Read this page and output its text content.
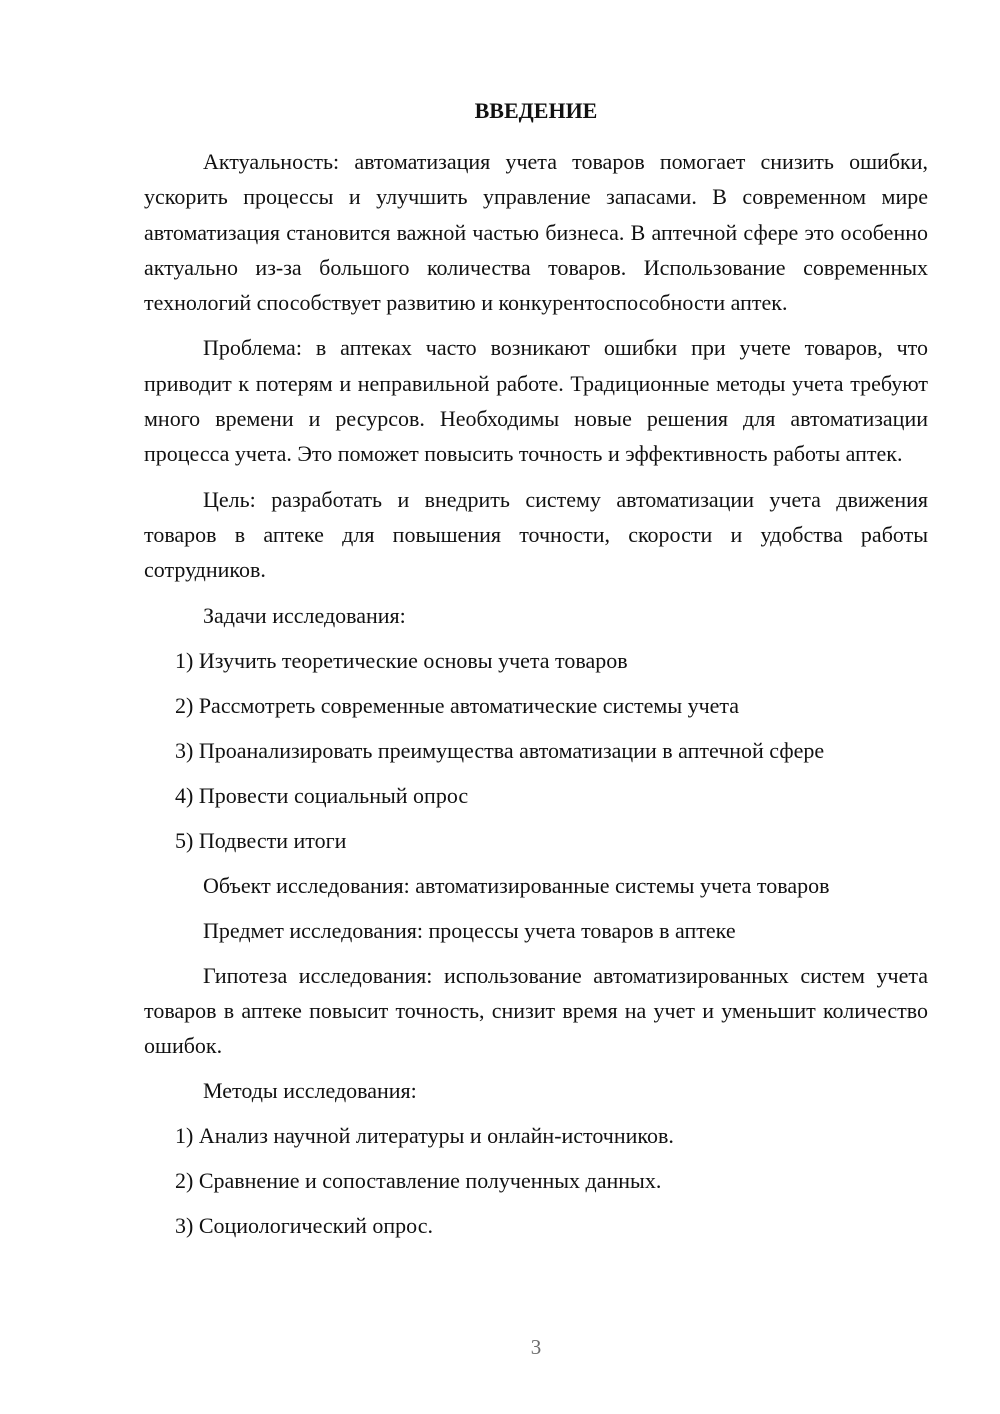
ВВЕДЕНИЕ

Актуальность: автоматизация учета товаров помогает снизить ошибки, ускорить процессы и улучшить управление запасами. В современном мире автоматизация становится важной частью бизнеса. В аптечной сфере это особенно актуально из-за большого количества товаров. Использование современных технологий способствует развитию и конкурентоспособности аптек.

Проблема: в аптеках часто возникают ошибки при учете товаров, что приводит к потерям и неправильной работе. Традиционные методы учета требуют много времени и ресурсов. Необходимы новые решения для автоматизации процесса учета. Это поможет повысить точность и эффективность работы аптек.

Цель: разработать и внедрить систему автоматизации учета движения товаров в аптеке для повышения точности, скорости и удобства работы сотрудников.

Задачи исследования:
1) Изучить теоретические основы учета товаров
2) Рассмотреть современные автоматические системы учета
3) Проанализировать преимущества автоматизации в аптечной сфере
4) Провести социальный опрос
5) Подвести итоги
Объект исследования: автоматизированные системы учета товаров
Предмет исследования: процессы учета товаров в аптеке

Гипотеза исследования: использование автоматизированных систем учета товаров в аптеке повысит точность, снизит время на учет и уменьшит количество ошибок.

Методы исследования:
1) Анализ научной литературы и онлайн-источников.
2) Сравнение и сопоставление полученных данных.
3) Социологический опрос.
3
